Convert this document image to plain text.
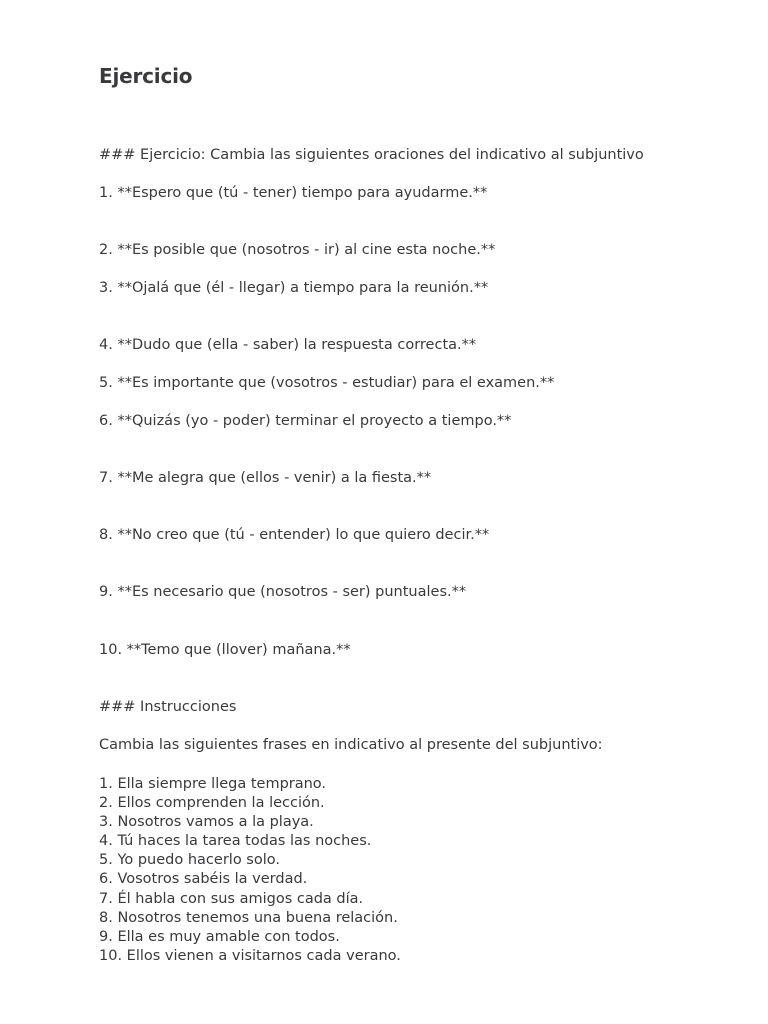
Ejercicio

### Ejercicio: Cambia las siguientes oraciones del indicativo al subjuntivo

1. **Espero que (tú - tener) tiempo para ayudarme.**

2. **Es posible que (nosotros - ir) al cine esta noche.**

3. **Ojalá que (él - llegar) a tiempo para la reunión.**

4. **Dudo que (ella - saber) la respuesta correcta.**

5. **Es importante que (vosotros - estudiar) para el examen.**

6. **Quizás (yo - poder) terminar el proyecto a tiempo.**

7. **Me alegra que (ellos - venir) a la fiesta.**

8. **No creo que (tú - entender) lo que quiero decir.**

9. **Es necesario que (nosotros - ser) puntuales.**

10. **Temo que (llover) mañana.**

### Instrucciones

Cambia las siguientes frases en indicativo al presente del subjuntivo:

1. Ella siempre llega temprano.
2. Ellos comprenden la lección.
3. Nosotros vamos a la playa.
4. Tú haces la tarea todas las noches.
5. Yo puedo hacerlo solo.
6. Vosotros sabéis la verdad.
7. Él habla con sus amigos cada día.
8. Nosotros tenemos una buena relación.
9. Ella es muy amable con todos.
10. Ellos vienen a visitarnos cada verano.
